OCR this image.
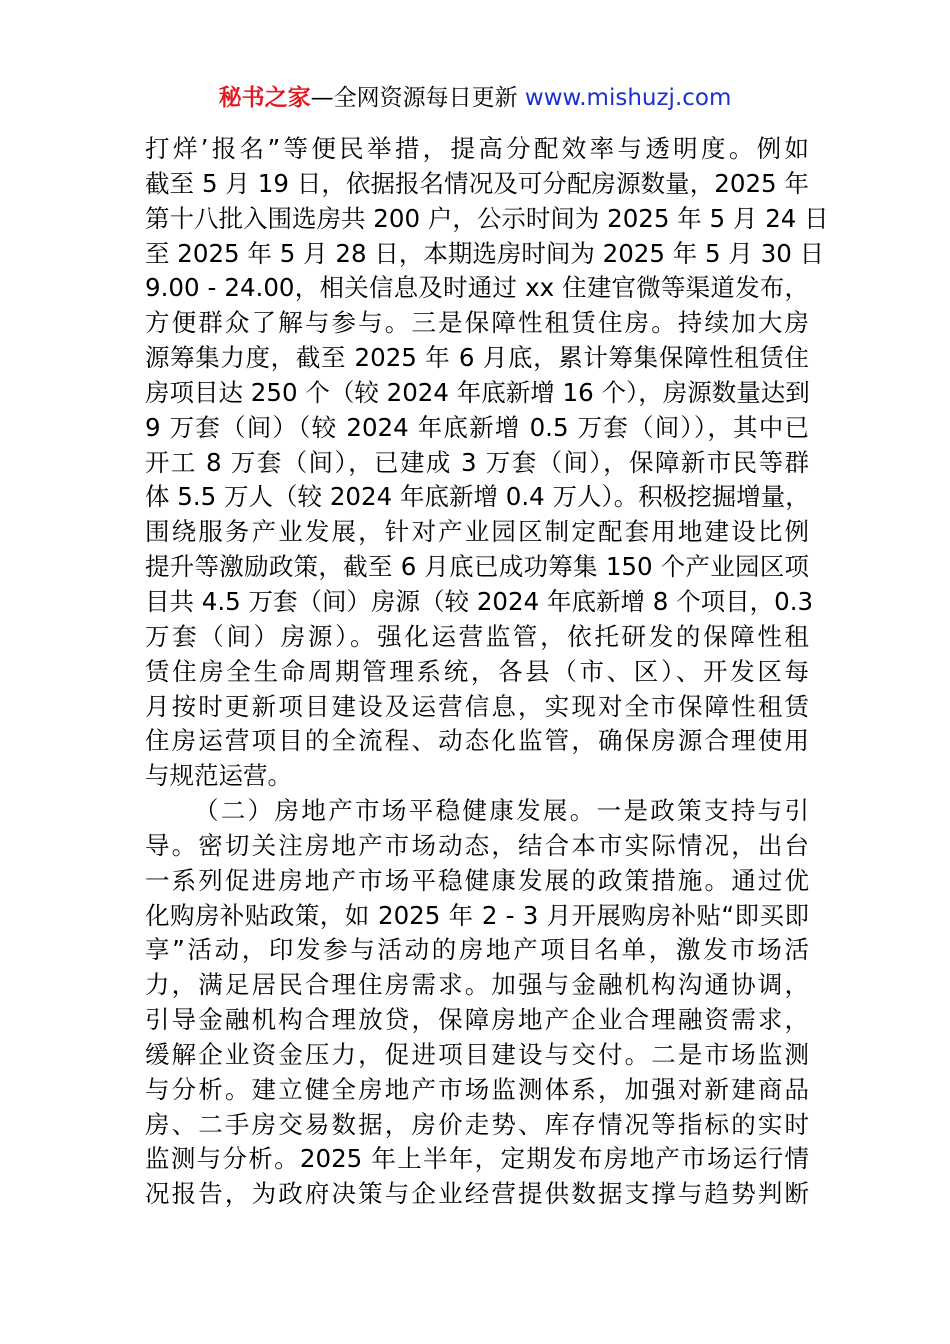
秘书之家—全网资源每日更新 www.mishuzj.com
打烊’报名”等便民举措，提高分配效率与透明度。例如
截至 5 月 19 日，依据报名情况及可分配房源数量，2025 年
第十八批入围选房共 200 户，公示时间为 2025 年 5 月 24 日
至 2025 年 5 月 28 日，本期选房时间为 2025 年 5 月 30 日
9.00 - 24.00，相关信息及时通过 xx 住建官微等渠道发布，
方便群众了解与参与。三是保障性租赁住房。持续加大房
源筹集力度，截至 2025 年 6 月底，累计筹集保障性租赁住
房项目达 250 个（较 2024 年底新增 16 个），房源数量达到
9 万套（间）（较 2024 年底新增 0.5 万套（间）），其中已
开工 8 万套（间），已建成 3 万套（间），保障新市民等群
体 5.5 万人（较 2024 年底新增 0.4 万人）。积极挖掘增量，
围绕服务产业发展，针对产业园区制定配套用地建设比例
提升等激励政策，截至 6 月底已成功筹集 150 个产业园区项
目共 4.5 万套（间）房源（较 2024 年底新增 8 个项目，0.3
万套（间）房源）。强化运营监管，依托研发的保障性租
赁住房全生命周期管理系统，各县（市、区）、开发区每
月按时更新项目建设及运营信息，实现对全市保障性租赁
住房运营项目的全流程、动态化监管，确保房源合理使用
与规范运营。
（二）房地产市场平稳健康发展。一是政策支持与引
导。密切关注房地产市场动态，结合本市实际情况，出台
一系列促进房地产市场平稳健康发展的政策措施。通过优
化购房补贴政策，如 2025 年 2 - 3 月开展购房补贴“即买即
享”活动，印发参与活动的房地产项目名单，激发市场活
力，满足居民合理住房需求。加强与金融机构沟通协调，
引导金融机构合理放贷，保障房地产企业合理融资需求，
缓解企业资金压力，促进项目建设与交付。二是市场监测
与分析。建立健全房地产市场监测体系，加强对新建商品
房、二手房交易数据，房价走势、库存情况等指标的实时
监测与分析。2025 年上半年，定期发布房地产市场运行情
况报告，为政府决策与企业经营提供数据支撑与趋势判断
